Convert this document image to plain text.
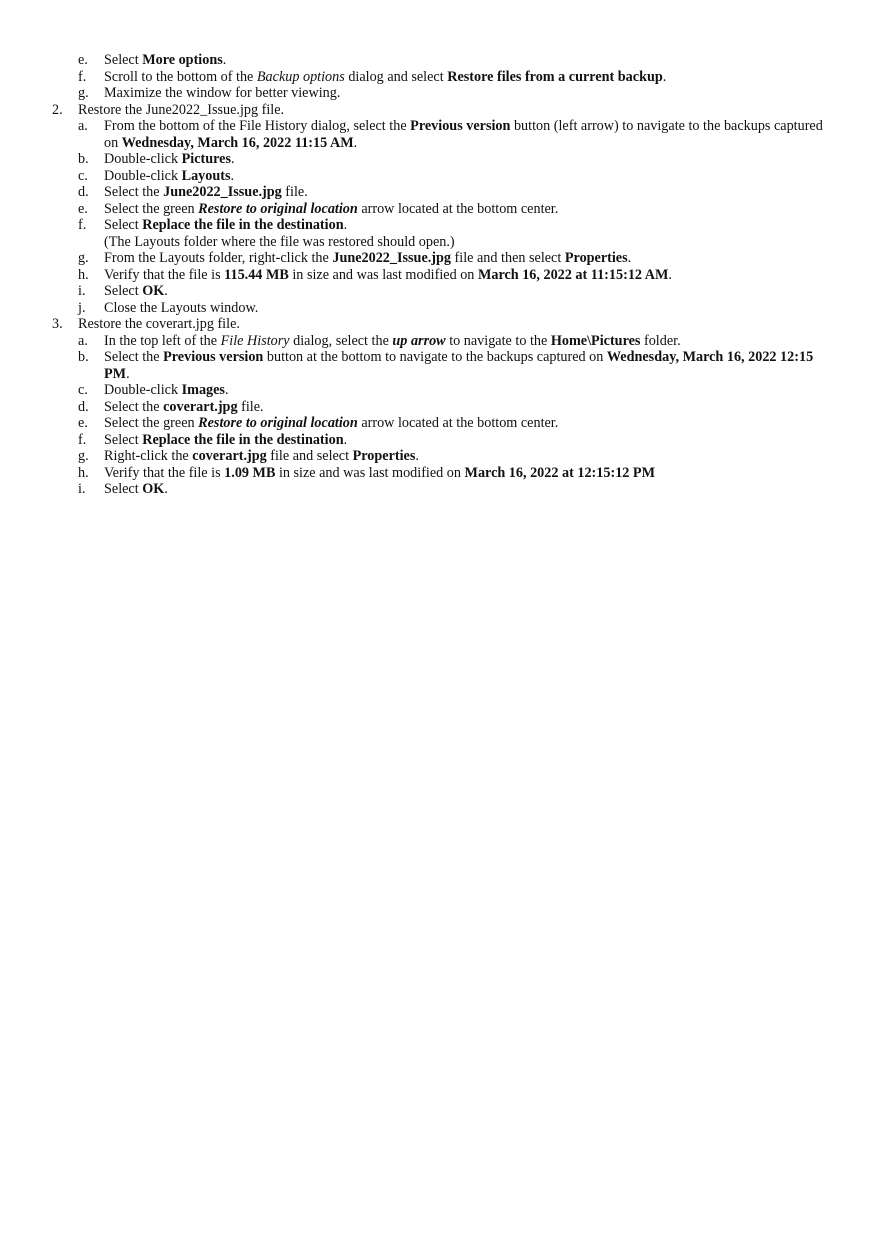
e. Select More options.
f. Scroll to the bottom of the Backup options dialog and select Restore files from a current backup.
g. Maximize the window for better viewing.
2. Restore the June2022_Issue.jpg file.
a. From the bottom of the File History dialog, select the Previous version button (left arrow) to navigate to the backups captured on Wednesday, March 16, 2022 11:15 AM.
b. Double-click Pictures.
c. Double-click Layouts.
d. Select the June2022_Issue.jpg file.
e. Select the green Restore to original location arrow located at the bottom center.
f. Select Replace the file in the destination.
(The Layouts folder where the file was restored should open.)
g. From the Layouts folder, right-click the June2022_Issue.jpg file and then select Properties.
h. Verify that the file is 115.44 MB in size and was last modified on March 16, 2022 at 11:15:12 AM.
i. Select OK.
j. Close the Layouts window.
3. Restore the coverart.jpg file.
a. In the top left of the File History dialog, select the up arrow to navigate to the Home\Pictures folder.
b. Select the Previous version button at the bottom to navigate to the backups captured on Wednesday, March 16, 2022 12:15 PM.
c. Double-click Images.
d. Select the coverart.jpg file.
e. Select the green Restore to original location arrow located at the bottom center.
f. Select Replace the file in the destination.
g. Right-click the coverart.jpg file and select Properties.
h. Verify that the file is 1.09 MB in size and was last modified on March 16, 2022 at 12:15:12 PM
i. Select OK.
